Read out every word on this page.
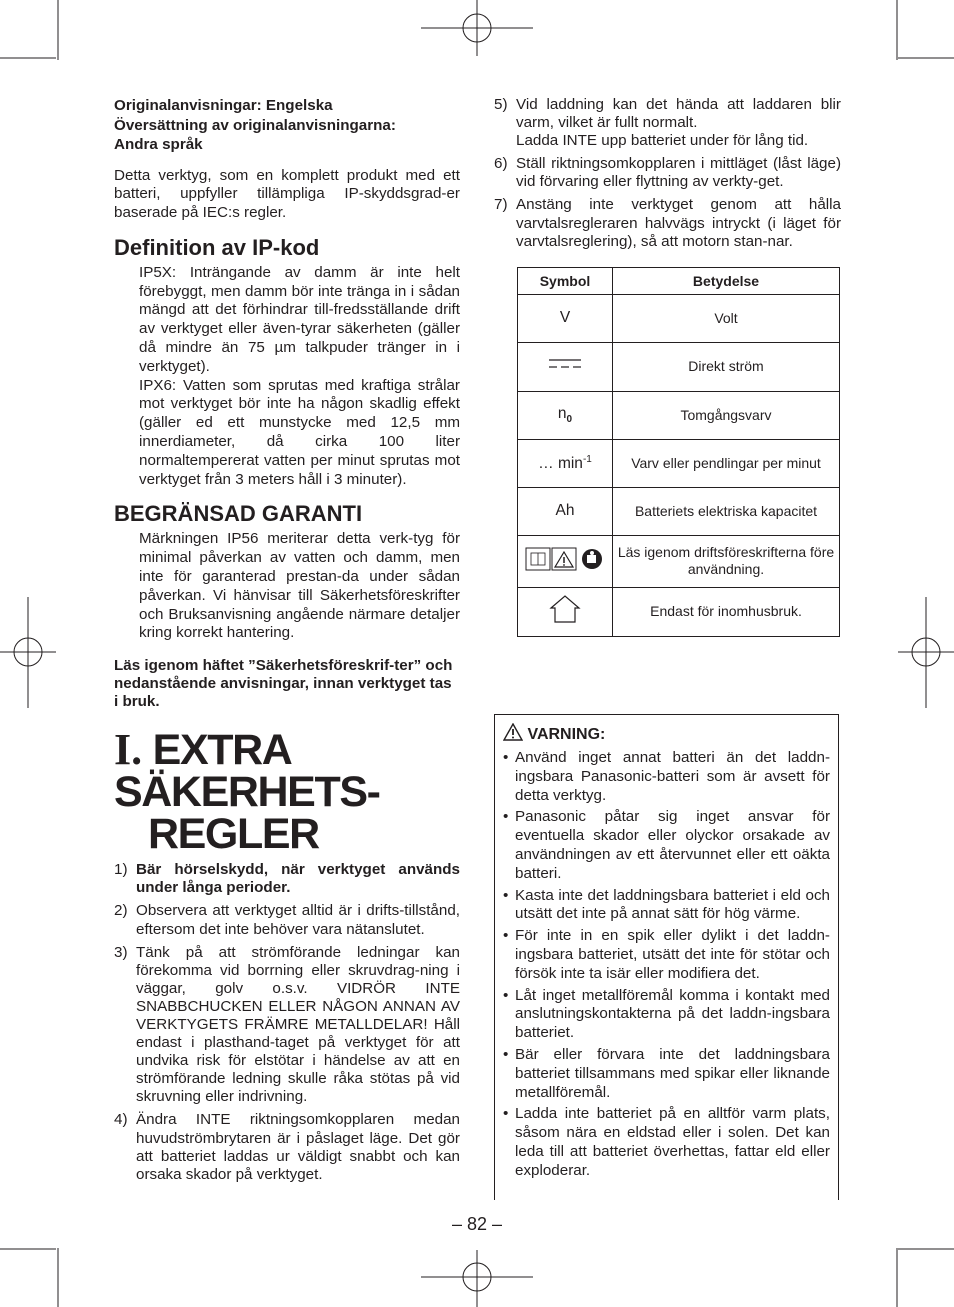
Originalanvisningar: Engelska
Översättning av originalanvisningarna:
Andra språk

Detta verktyg, som en komplett produkt med ett batteri, uppfyller tillämpliga IP-skyddsgrad-er baserade på IEC:s regler.

Definition av IP-kod

IP5X: Inträngande av damm är inte helt förebyggt, men damm bör inte tränga in i sådan mängd att det förhindrar till-fredsställande drift av verktyget eller även-tyrar säkerheten (gäller då mindre än 75 µm talkpuder tränger in i verktyget).

IPX6: Vatten som sprutas med kraftiga strålar mot verktyget bör inte ha någon skadlig effekt (gäller ed ett munstycke med 12,5 mm innerdiameter, då cirka 100 liter normaltempererat vatten per minut sprutas mot verktyget från 3 meters håll i 3 minuter).

BEGRÄNSAD GARANTI

Märkningen IP56 meriterar detta verk-tyg för minimal påverkan av vatten och damm, men inte för garanterad prestan-da under sådan påverkan. Vi hänvisar till Säkerhetsföreskrifter och Bruksanvisning angående närmare detaljer kring korrekt hantering.

Läs igenom häftet ”Säkerhetsföreskrif-ter” och nedanstående anvisningar, innan verktyget tas i bruk.

I. EXTRA SÄKERHETS-
REGLER
1) Bär hörselskydd, när verktyget används under långa perioder.
2) Observera att verktyget alltid är i drifts-tillstånd, eftersom det inte behöver vara nätanslutet.
3) Tänk på att strömförande ledningar kan förekomma vid borrning eller skruvdrag-ning i väggar, golv o.s.v. VIDRÖR INTE SNABBCHUCKEN ELLER NÅGON ANNAN AV VERKTYGETS FRÄMRE METALLDELAR! Håll endast i plasthand-taget på verktyget för att undvika risk för elstötar i händelse av att en strömförande ledning skulle råka stötas på vid skruvning eller indrivning.
4) Ändra INTE riktningsomkopplaren medan huvudströmbrytaren är i påslaget läge. Det gör att batteriet laddas ur väldigt snabbt och kan orsaka skador på verktyget.
5) Vid laddning kan det hända att laddaren blir varm, vilket är fullt normalt.
Ladda INTE upp batteriet under för lång tid.
6) Ställ riktningsomkopplaren i mittläget (låst läge) vid förvaring eller flyttning av verkty-get.
7) Anstäng inte verktyget genom att hålla varvtalsregleraren halvvägs intryckt (i läget för varvtalsreglering), så att motorn stan-nar.
Symbol	Betydelse
V	Volt
	Direkt ström
$n_0$	Tomgångsvarv
… $\min^{-1}$	Varv eller pendlingar per minut
Ah	Batteriets elektriska kapacitet
	Läs igenom driftsföreskrifterna före användning.
	Endast för inomhusbruk.
VARNING:
• Använd inget annat batteri än det laddn-ingsbara Panasonic-batteri som är avsett för detta verktyg.
• Panasonic påtar sig inget ansvar för eventuella skador eller olyckor orsakade av användningen av ett återvunnet eller ett oäkta batteri.
• Kasta inte det laddningsbara batteriet i eld och utsätt det inte på annat sätt för hög värme.
• För inte in en spik eller dylikt i det laddn-ingsbara batteriet, utsätt det inte för stötar och försök inte ta isär eller modifiera det.
• Låt inget metallföremål komma i kontakt med anslutningskontakterna på det laddn-ingsbara batteriet.
• Bär eller förvara inte det laddningsbara batteriet tillsammans med spikar eller liknande metallföremål.
• Ladda inte batteriet på en alltför varm plats, såsom nära en eldstad eller i solen. Det kan leda till att batteriet överhettas, fattar eld eller exploderar.
– 82 –
